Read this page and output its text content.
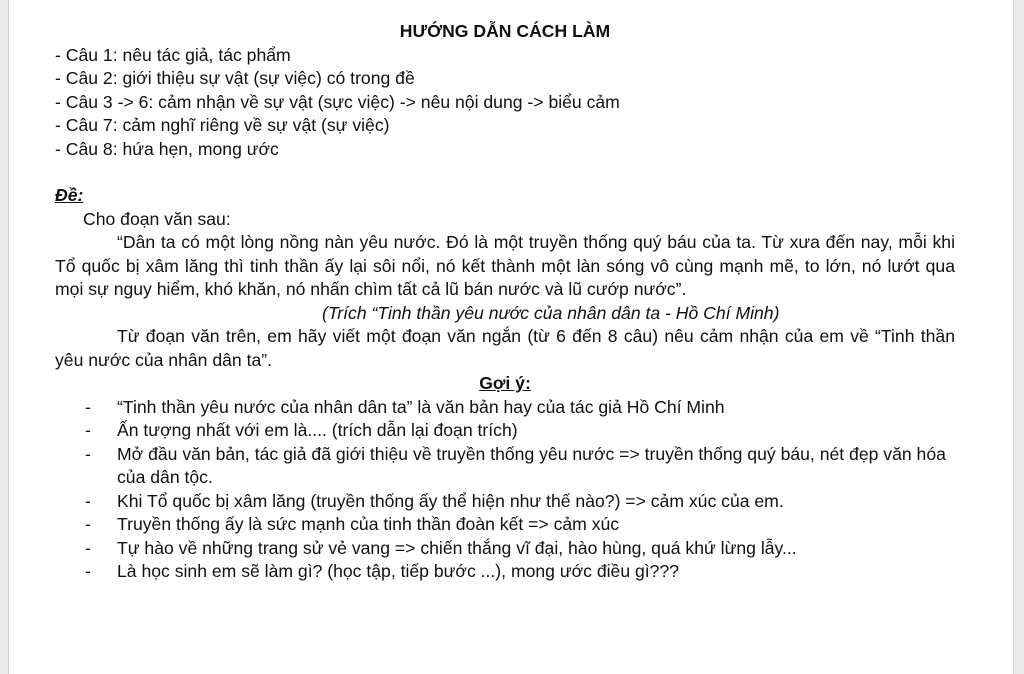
HƯỚNG DẪN CÁCH LÀM

- Câu 1: nêu tác giả, tác phẩm

- Câu 2: giới thiệu sự vật (sự việc) có trong đề

- Câu 3 -> 6: cảm nhận về sự vật (sực việc) -> nêu nội dung -> biểu cảm

- Câu 7: cảm nghĩ riêng về sự vật (sự việc)

- Câu 8: hứa hẹn, mong ước

Đề:

Cho đoạn văn sau:

“Dân ta có một lòng nồng nàn yêu nước. Đó là một truyền thống quý báu của ta. Từ xưa đến nay, mỗi khi Tổ quốc bị xâm lăng thì tinh thần ấy lại sôi nổi, nó kết thành một làn sóng vô cùng mạnh mẽ, to lớn, nó lướt qua mọi sự nguy hiểm, khó khăn, nó nhấn chìm tất cả lũ bán nước và lũ cướp nước”.

(Trích “Tinh thần yêu nước của nhân dân ta - Hồ Chí Minh)

Từ đoạn văn trên, em hãy viết một đoạn văn ngắn (từ 6 đến 8 câu) nêu cảm nhận của em về “Tinh thần yêu nước của nhân dân ta”.

Gợi ý:

- “Tinh thần yêu nước của nhân dân ta” là văn bản hay của tác giả Hồ Chí Minh
- Ấn tượng nhất với em là.... (trích dẫn lại đoạn trích)
- Mở đầu văn bản, tác giả đã giới thiệu về truyền thống yêu nước => truyền thống quý báu, nét đẹp văn hóa của dân tộc.
- Khi Tổ quốc bị xâm lăng (truyền thống ấy thể hiện như thế nào?) => cảm xúc của em.
- Truyền thống ấy là sức mạnh của tinh thần đoàn kết => cảm xúc
- Tự hào về những trang sử vẻ vang => chiến thắng vĩ đại, hào hùng, quá khứ lừng lẫy...
- Là học sinh em sẽ làm gì? (học tập, tiếp bước ...), mong ước điều gì???
